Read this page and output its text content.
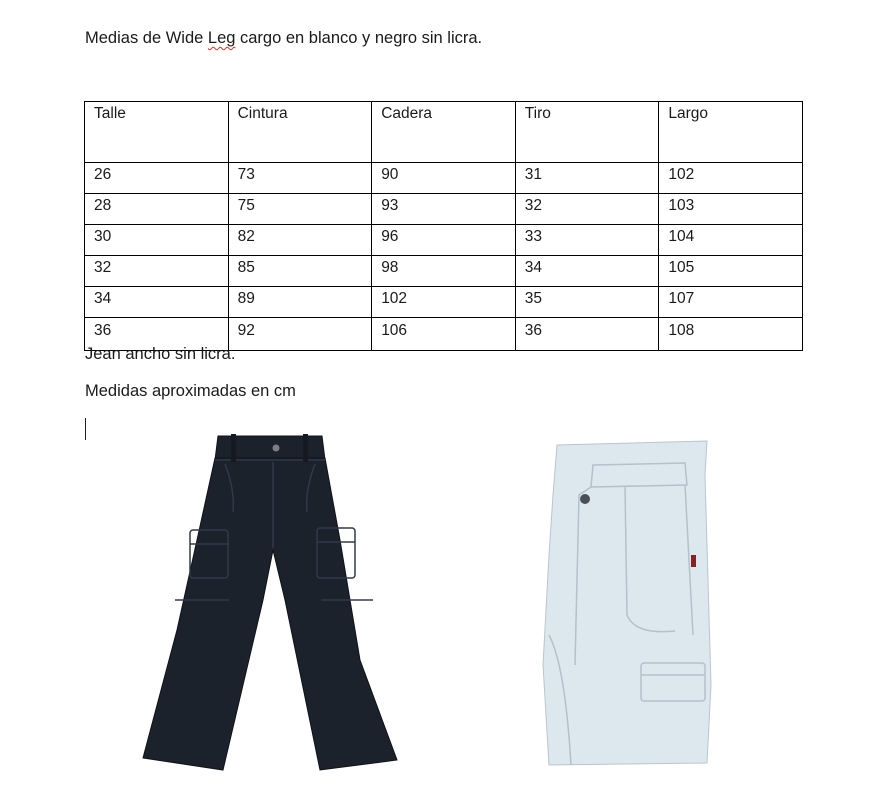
Medias de Wide Leg cargo en blanco y negro sin licra.

Talle	Cintura	Cadera	Tiro	Largo
26	73	90	31	102
28	75	93	32	103
30	82	96	33	104
32	85	98	34	105
34	89	102	35	107
36	92	106	36	108

Jean ancho sin licra.

Medidas aproximadas en cm
